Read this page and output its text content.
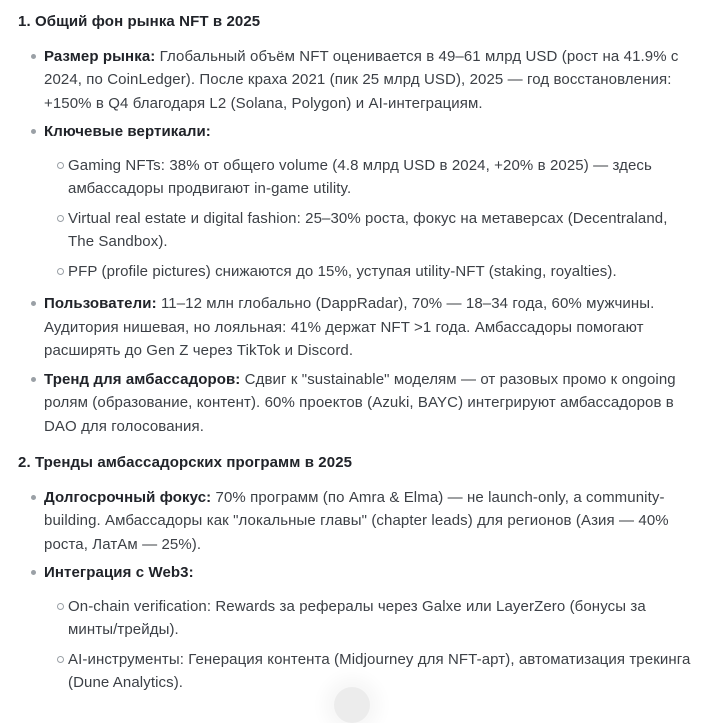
1. Общий фон рынка NFT в 2025
Размер рынка: Глобальный объём NFT оценивается в 49–61 млрд USD (рост на 41.9% с 2024, по CoinLedger). После краха 2021 (пик 25 млрд USD), 2025 — год восстановления: +150% в Q4 благодаря L2 (Solana, Polygon) и AI-интеграциям.
Ключевые вертикали:
Gaming NFTs: 38% от общего volume (4.8 млрд USD в 2024, +20% в 2025) — здесь амбассадоры продвигают in-game utility.
Virtual real estate и digital fashion: 25–30% роста, фокус на метаверсах (Decentraland, The Sandbox).
PFP (profile pictures) снижаются до 15%, уступая utility-NFT (staking, royalties).
Пользователи: 11–12 млн глобально (DappRadar), 70% — 18–34 года, 60% мужчины. Аудитория нишевая, но лояльная: 41% держат NFT >1 года. Амбассадоры помогают расширять до Gen Z через TikTok и Discord.
Тренд для амбассадоров: Сдвиг к "sustainable" моделям — от разовых промо к ongoing ролям (образование, контент). 60% проектов (Azuki, BAYC) интегрируют амбассадоров в DAO для голосования.
2. Тренды амбассадорских программ в 2025
Долгосрочный фокус: 70% программ (по Amra & Elma) — не launch-only, а community-building. Амбассадоры как "локальные главы" (chapter leads) для регионов (Азия — 40% роста, ЛатАм — 25%).
Интеграция с Web3:
On-chain verification: Rewards за рефералы через Galxe или LayerZero (бонусы за минты/трейды).
AI-инструменты: Генерация контента (Midjourney для NFT-арт), автоматизация трекинга (Dune Analytics).
